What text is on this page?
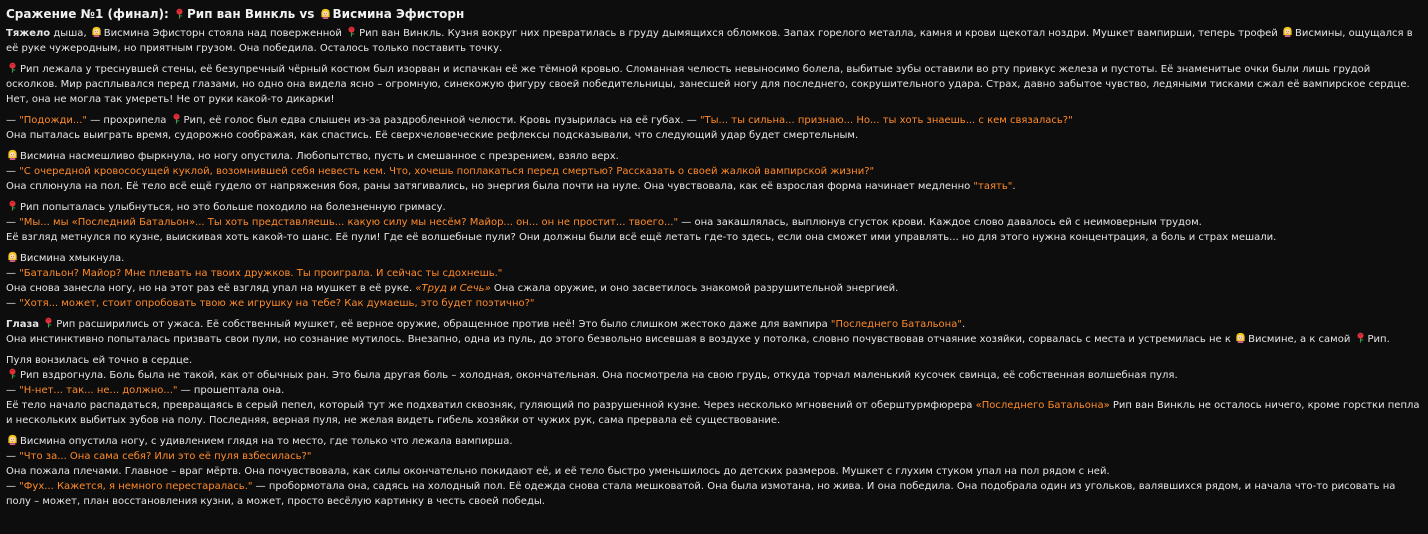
Сражение №1 (финал): Рип ван Винкль vs Висмина Эфисторн

Тяжело дыша, Висмина Эфисторн стояла над поверженной Рип ван Винкль. Кузня вокруг них превратилась в груду дымящихся обломков. Запах горелого металла, камня и крови щекотал ноздри. Мушкет вампирши, теперь трофей Висмины, ощущался в её руке чужеродным, но приятным грузом. Она победила. Осталось только поставить точку.

Рип лежала у треснувшей стены, её безупречный чёрный костюм был изорван и испачкан её же тёмной кровью. Сломанная челюсть невыносимо болела, выбитые зубы оставили во рту привкус железа и пустоты. Её знаменитые очки были лишь грудой осколков. Мир расплывался перед глазами, но одно она видела ясно – огромную, синекожую фигуру своей победительницы, занесшей ногу для последнего, сокрушительного удара. Страх, давно забытое чувство, ледяными тисками сжал её вампирское сердце. Нет, она не могла так умереть! Не от руки какой-то дикарки!

— "Подожди..." — прохрипела Рип, её голос был едва слышен из-за раздробленной челюсти. Кровь пузырилась на её губах. — "Ты... ты сильна... признаю... Но... ты хоть знаешь... с кем связалась?"
Она пыталась выиграть время, судорожно соображая, как спастись. Её сверхчеловеческие рефлексы подсказывали, что следующий удар будет смертельным.

Висмина насмешливо фыркнула, но ногу опустила. Любопытство, пусть и смешанное с презрением, взяло верх.
— "С очередной кровососущей куклой, возомнившей себя невесть кем. Что, хочешь поплакаться перед смертью? Рассказать о своей жалкой вампирской жизни?"
Она сплюнула на пол. Её тело всё ещё гудело от напряжения боя, раны затягивались, но энергия была почти на нуле. Она чувствовала, как её взрослая форма начинает медленно "таять".

Рип попыталась улыбнуться, но это больше походило на болезненную гримасу.
— "Мы... мы «Последний Батальон»... Ты хоть представляешь... какую силу мы несём? Майор... он... он не простит... твоего..." — она закашлялась, выплюнув сгусток крови. Каждое слово давалось ей с неимоверным трудом.
Её взгляд метнулся по кузне, выискивая хоть какой-то шанс. Её пули! Где её волшебные пули? Они должны были всё ещё летать где-то здесь, если она сможет ими управлять... но для этого нужна концентрация, а боль и страх мешали.

Висмина хмыкнула.
— "Батальон? Майор? Мне плевать на твоих дружков. Ты проиграла. И сейчас ты сдохнешь."
Она снова занесла ногу, но на этот раз её взгляд упал на мушкет в её руке. «Труд и Сечь» Она сжала оружие, и оно засветилось знакомой разрушительной энергией.
— "Хотя... может, стоит опробовать твою же игрушку на тебе? Как думаешь, это будет поэтично?"

Глаза Рип расширились от ужаса. Её собственный мушкет, её верное оружие, обращенное против неё! Это было слишком жестоко даже для вампира "Последнего Батальона".
Она инстинктивно попыталась призвать свои пули, но сознание мутилось. Внезапно, одна из пуль, до этого безвольно висевшая в воздухе у потолка, словно почувствовав отчаяние хозяйки, сорвалась с места и устремилась не к Висмине, а к самой Рип.

Пуля вонзилась ей точно в сердце.
Рип вздрогнула. Боль была не такой, как от обычных ран. Это была другая боль – холодная, окончательная. Она посмотрела на свою грудь, откуда торчал маленький кусочек свинца, её собственная волшебная пуля.
— "Н-нет... так... не... должно..." — прошептала она.
Её тело начало распадаться, превращаясь в серый пепел, который тут же подхватил сквозняк, гуляющий по разрушенной кузне. Через несколько мгновений от оберштурмфюрера «Последнего Батальона» Рип ван Винкль не осталось ничего, кроме горстки пепла и нескольких выбитых зубов на полу. Последняя, верная пуля, не желая видеть гибель хозяйки от чужих рук, сама прервала её существование.

Висмина опустила ногу, с удивлением глядя на то место, где только что лежала вампирша.
— "Что за... Она сама себя? Или это её пуля взбесилась?"
Она пожала плечами. Главное – враг мёртв. Она почувствовала, как силы окончательно покидают её, и её тело быстро уменьшилось до детских размеров. Мушкет с глухим стуком упал на пол рядом с ней.
— "Фух... Кажется, я немного перестаралась." — пробормотала она, садясь на холодный пол. Её одежда снова стала мешковатой. Она была измотана, но жива. И она победила. Она подобрала один из угольков, валявшихся рядом, и начала что-то рисовать на полу – может, план восстановления кузни, а может, просто весёлую картинку в честь своей победы.
